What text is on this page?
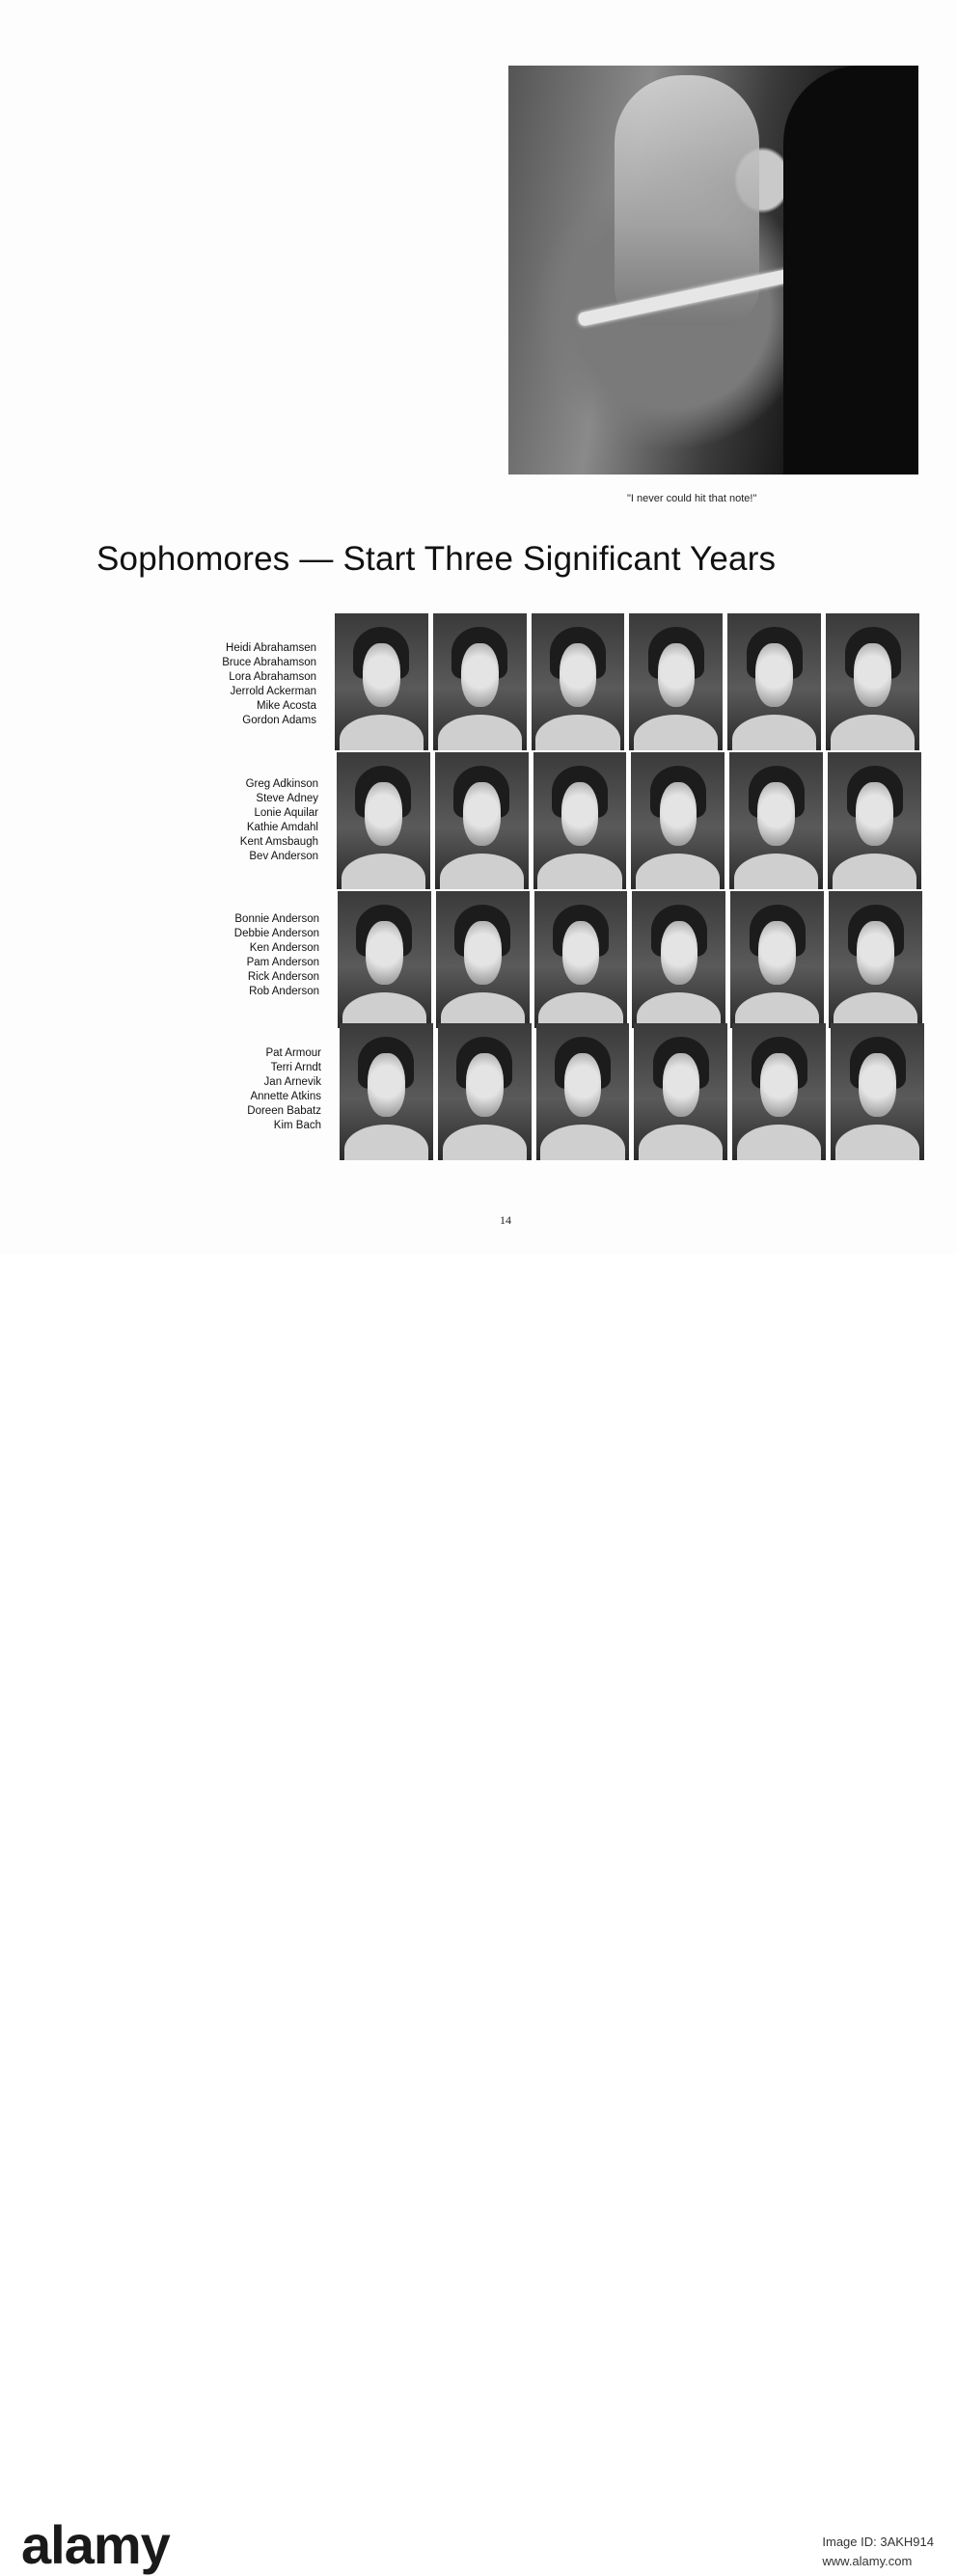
"I never could hit that note!"
Sophomores — Start Three Significant Years
Heidi Abrahamsen
Bruce Abrahamson
Lora Abrahamson
Jerrold Ackerman
Mike Acosta
Gordon Adams
Greg Adkinson
Steve Adney
Lonie Aquilar
Kathie Amdahl
Kent Amsbaugh
Bev Anderson
Bonnie Anderson
Debbie Anderson
Ken Anderson
Pam Anderson
Rick Anderson
Rob Anderson
Pat Armour
Terri Arndt
Jan Arnevik
Annette Atkins
Doreen Babatz
Kim Bach
14
alamy	Image ID: 3AKH914
www.alamy.com
